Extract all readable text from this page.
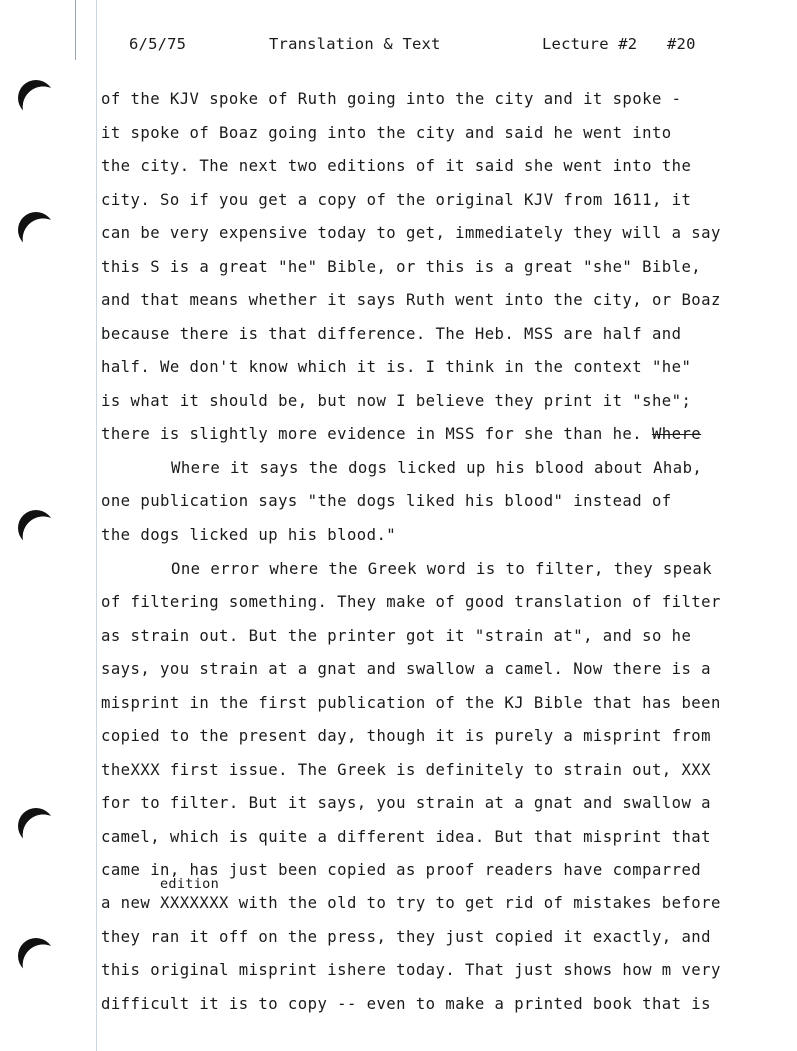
6/5/75	Translation & Text	Lecture #2 #20
of the KJV spoke of Ruth going into the city and it spoke -
it spoke of Boaz going into the city and said he went into
the city. The next two editions of it said she went into the
city. So if you get a copy of the original KJV from 1611, it
can be very expensive today to get, immediately they will a say
this S is a great "he" Bible, or this is a great "she" Bible,
and that means whether it says Ruth went into the city, or Boaz
because there is that difference. The Heb. MSS are half and
half. We don't know which it is. I think in the context "he"
is what it should be, but now I believe they print it "she";
there is slightly more evidence in MSS for she than he. Where
Where it says the dogs licked up his blood about Ahab,
one publication says "the dogs liked his blood" instead of
the dogs licked up his blood."
One error where the Greek word is to filter, they speak
of filtering something. They make of good translation of filter
as strain out. But the printer got it "strain at", and so he
says, you strain at a gnat and swallow a camel. Now there is a
misprint in the first publication of the KJ Bible that has been
copied to the present day, though it is purely a misprint from
theXXX first issue. The Greek is definitely to strain out, XXX
for to filter. But it says, you strain at a gnat and swallow a
camel, which is quite a different idea. But that misprint that
came in, has just been copied as proof readers have comparred
edition
a new XXXXXXX with the old to try to get rid of mistakes before
they ran it off on the press, they just copied it exactly, and
this original misprint ishere today. That just shows how m very
difficult it is to copy -- even to make a printed book that is
